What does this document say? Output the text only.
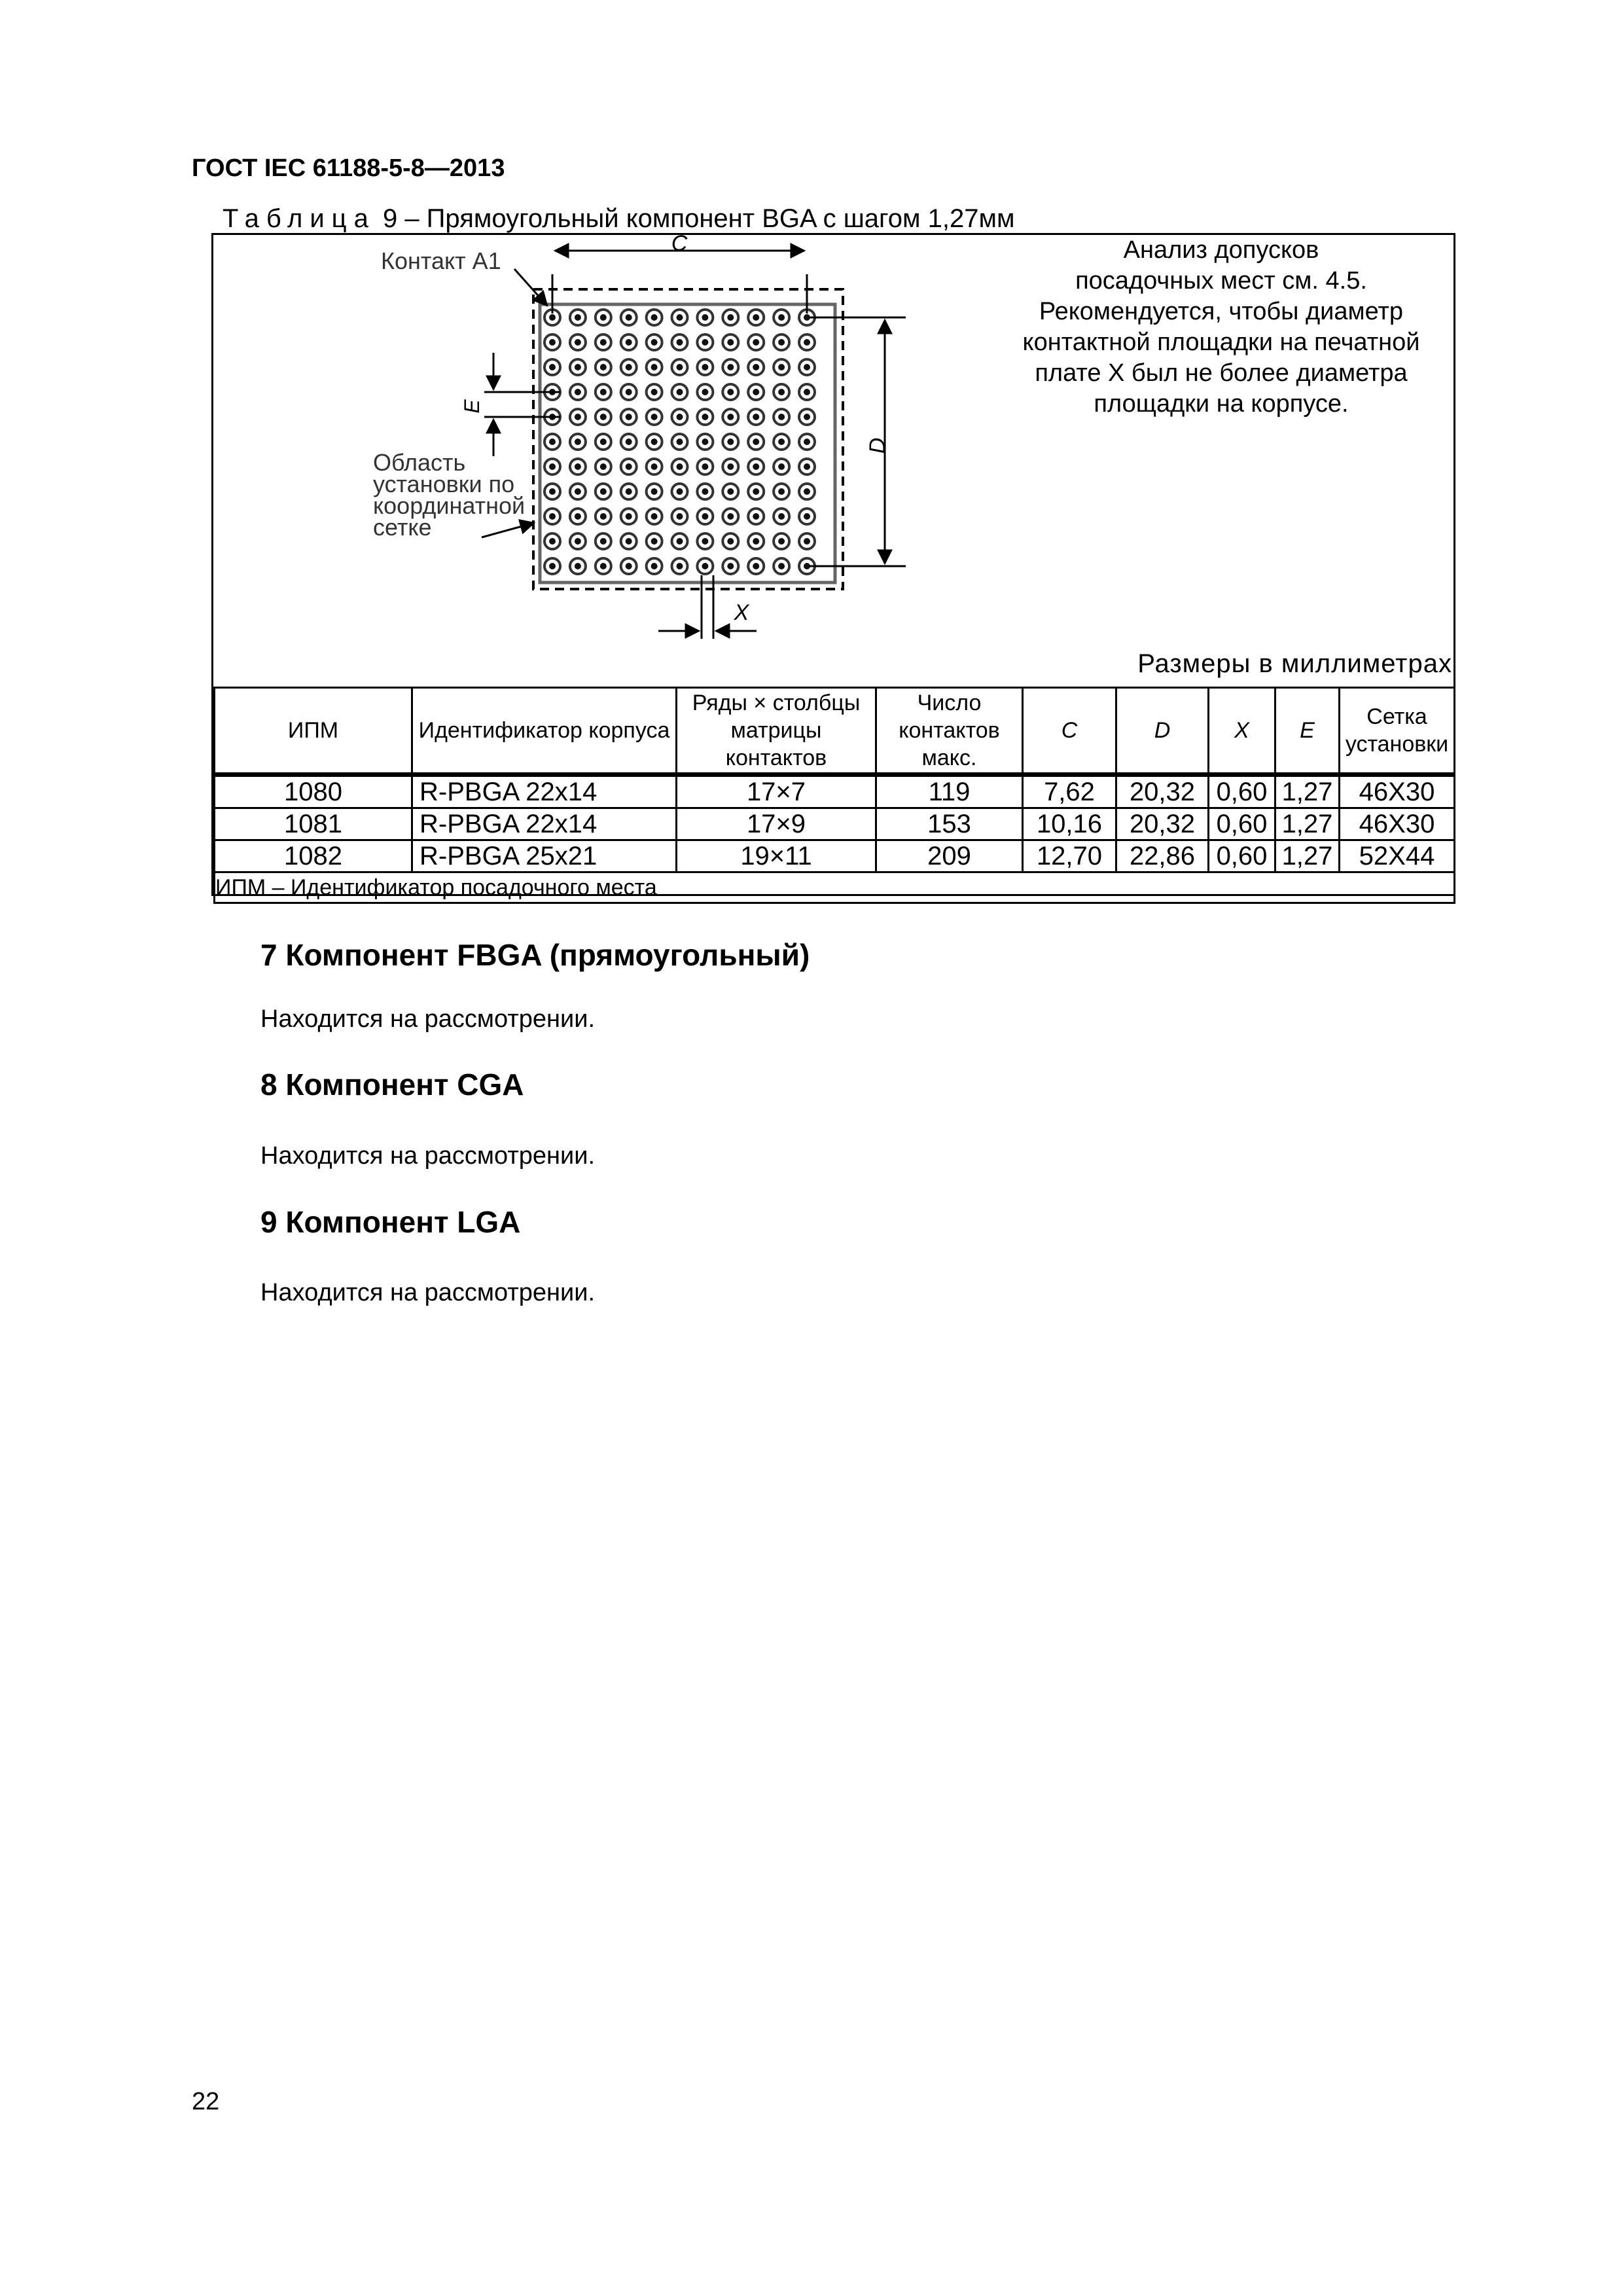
ГОСТ IEC 61188-5-8—2013
Таблица 9 – Прямоугольный компонент BGA с шагом 1,27мм
C
D
E
X
Контакт A1
Область
установки по
координатной
сетке
Анализ допусков
посадочных мест см. 4.5.
Рекомендуется, чтобы диаметр
контактной площадки на печатной
плате X был не более диаметра
площадки на корпусе.
Размеры в миллиметрах
ИПМ	Идентификатор корпуса	Ряды × столбцы матрицы контактов	Число контактов макс.	C	D	X	E	Сетка установки
1080	R-PBGA 22x14	17×7	119	7,62	20,32	0,60	1,27	46X30
1081	R-PBGA 22x14	17×9	153	10,16	20,32	0,60	1,27	46X30
1082	R-PBGA 25x21	19×11	209	12,70	22,86	0,60	1,27	52X44
ИПМ – Идентификатор посадочного места								
7 Компонент FBGA (прямоугольный)
Находится на рассмотрении.
8 Компонент CGA
Находится на рассмотрении.
9 Компонент LGA
Находится на рассмотрении.
22
